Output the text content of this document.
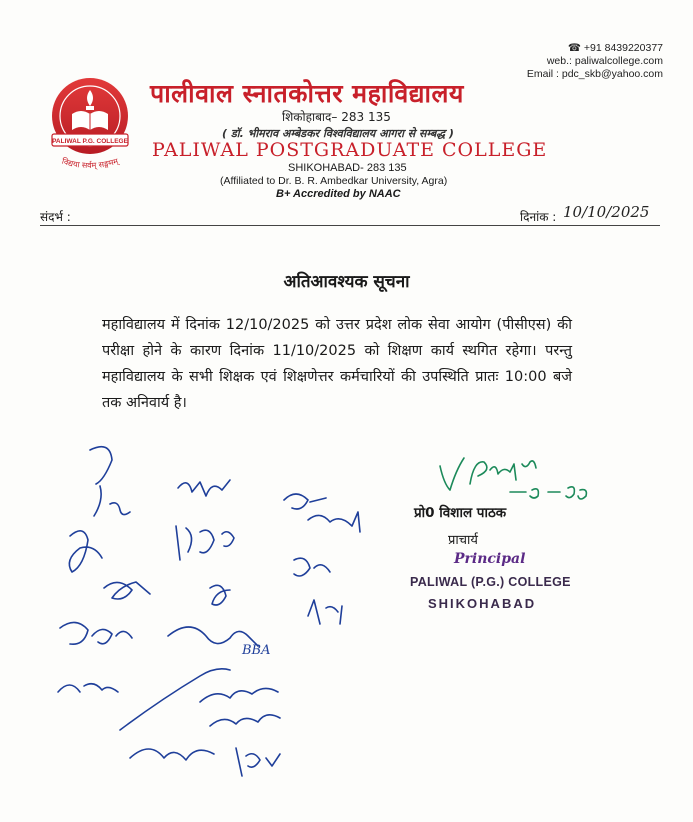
☎ +91 8439220377
web.: paliwalcollege.com
Email : pdc_skb@yahoo.com
PALIWAL P.G. COLLEGE
विद्यया सर्वम् सङ्गमम्
पालीवाल स्नातकोत्तर महाविद्यालय
शिकोहाबाद– 283 135
( डॉ. भीमराव अम्बेडकर विश्वविद्यालय आगरा से सम्बद्ध )
PALIWAL POSTGRADUATE COLLEGE
SHIKOHABAD- 283 135
(Affiliated to Dr. B. R. Ambedkar University, Agra)
B+ Accredited by NAAC
संदर्भ :	दिनांक : 10/10/2025
अतिआवश्यक सूचना
महाविद्यालय में दिनांक 12/10/2025 को उत्तर प्रदेश लोक सेवा आयोग (पीसीएस) की परीक्षा होने के कारण दिनांक 11/10/2025 को शिक्षण कार्य स्थगित रहेगा। परन्तु महाविद्यालय के सभी शिक्षक एवं शिक्षणेत्तर कर्मचारियों की उपस्थिति प्रातः 10:00 बजे तक अनिवार्य है।
BBA
प्रो0 विशाल पाठक
प्राचार्य
Principal
PALIWAL (P.G.) COLLEGE
SHIKOHABAD
